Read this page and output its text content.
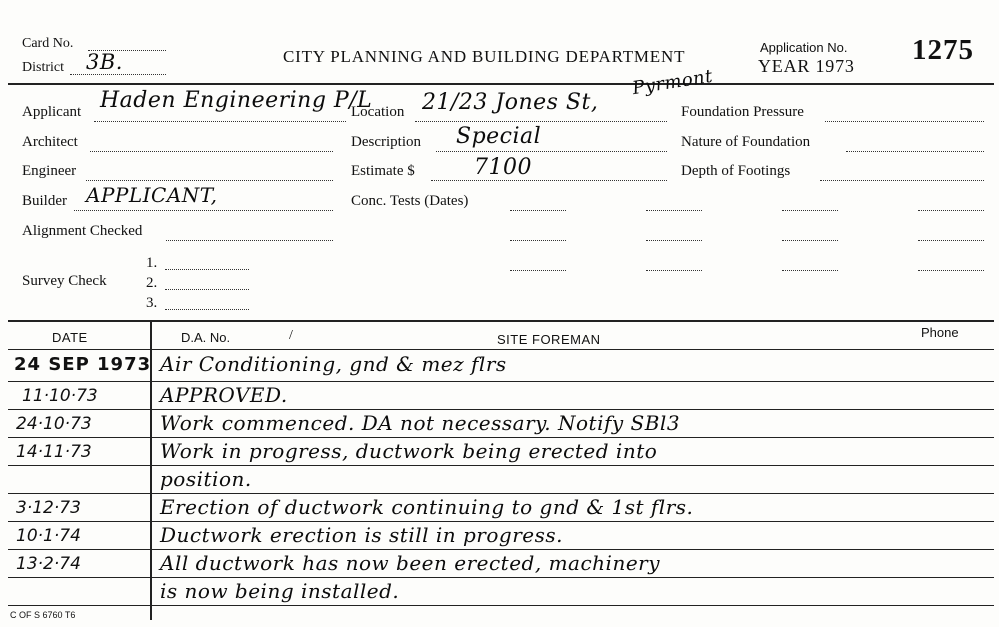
Card No.
District 3B.	CITY PLANNING AND BUILDING DEPARTMENT	Application No.
YEAR 1973 1275
Applicant Haden Engineering P/L
Architect
Engineer
Builder APPLICANT,
Alignment Checked
Survey Check
1.
2.
3.
Location 21/23 Jones St,
Pyrmont
Description Special
Estimate $	7100
Conc. Tests (Dates)
Foundation Pressure
Nature of Foundation
Depth of Footings
DATE	D.A. No.	/	SITE FOREMAN	Phone
24 SEP 1973 Air Conditioning, gnd & mez flrs
11·10·73	APPROVED.
24·10·73	Work commenced. DA not necessary. Notify SBl3
14·11·73	Work in progress, ductwork being erected into
position.
3·12·73	Erection of ductwork continuing to gnd & 1st flrs.
10·1·74	Ductwork erection is still in progress.
13·2·74	All ductwork has now been erected, machinery
is now being installed.
C OF S 6760 T6
